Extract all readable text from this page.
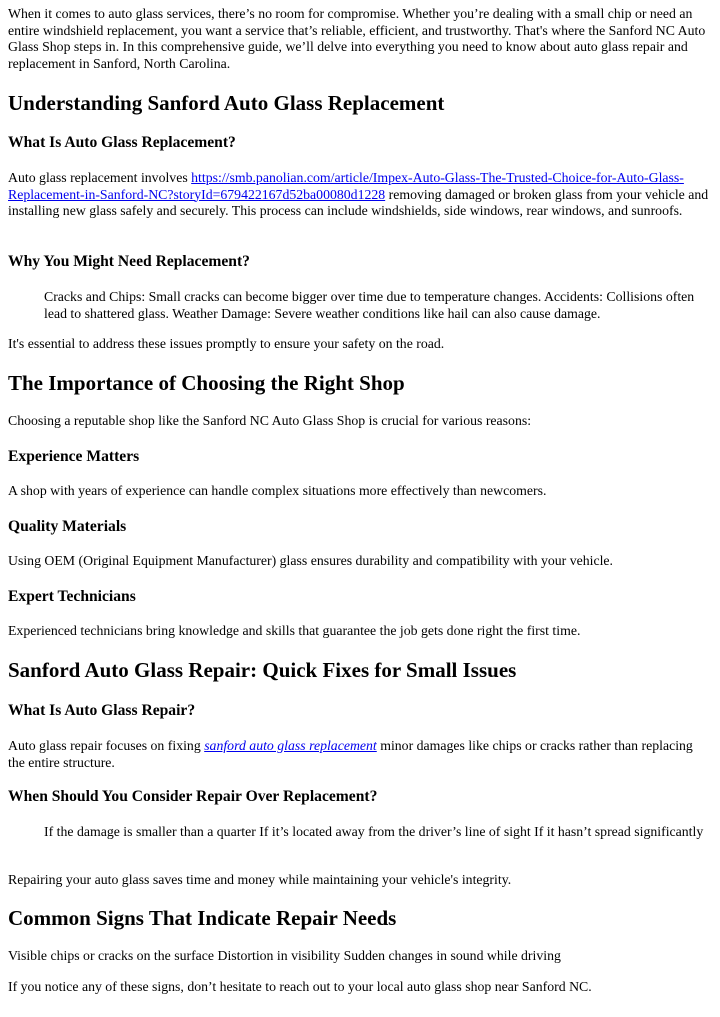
When it comes to auto glass services, there’s no room for compromise. Whether you’re dealing with a small chip or need an entire windshield replacement, you want a service that’s reliable, efficient, and trustworthy. That's where the Sanford NC Auto Glass Shop steps in. In this comprehensive guide, we’ll delve into everything you need to know about auto glass repair and replacement in Sanford, North Carolina.

Understanding Sanford Auto Glass Replacement
What Is Auto Glass Replacement?

Auto glass replacement involves https://smb.panolian.com/article/Impex-Auto-Glass-The-Trusted-Choice-for-Auto-Glass-Replacement-in-Sanford-NC?storyId=679422167d52ba00080d1228 removing damaged or broken glass from your vehicle and installing new glass safely and securely. This process can include windshields, side windows, rear windows, and sunroofs.

Why You Might Need Replacement?

Cracks and Chips: Small cracks can become bigger over time due to temperature changes. Accidents: Collisions often lead to shattered glass. Weather Damage: Severe weather conditions like hail can also cause damage.

It's essential to address these issues promptly to ensure your safety on the road.

The Importance of Choosing the Right Shop

Choosing a reputable shop like the Sanford NC Auto Glass Shop is crucial for various reasons:

Experience Matters

A shop with years of experience can handle complex situations more effectively than newcomers.

Quality Materials

Using OEM (Original Equipment Manufacturer) glass ensures durability and compatibility with your vehicle.

Expert Technicians

Experienced technicians bring knowledge and skills that guarantee the job gets done right the first time.

Sanford Auto Glass Repair: Quick Fixes for Small Issues
What Is Auto Glass Repair?

Auto glass repair focuses on fixing sanford auto glass replacement minor damages like chips or cracks rather than replacing the entire structure.

When Should You Consider Repair Over Replacement?

If the damage is smaller than a quarter If it’s located away from the driver’s line of sight If it hasn’t spread significantly

Repairing your auto glass saves time and money while maintaining your vehicle's integrity.

Common Signs That Indicate Repair Needs

Visible chips or cracks on the surface Distortion in visibility Sudden changes in sound while driving

If you notice any of these signs, don’t hesitate to reach out to your local auto glass shop near Sanford NC.
